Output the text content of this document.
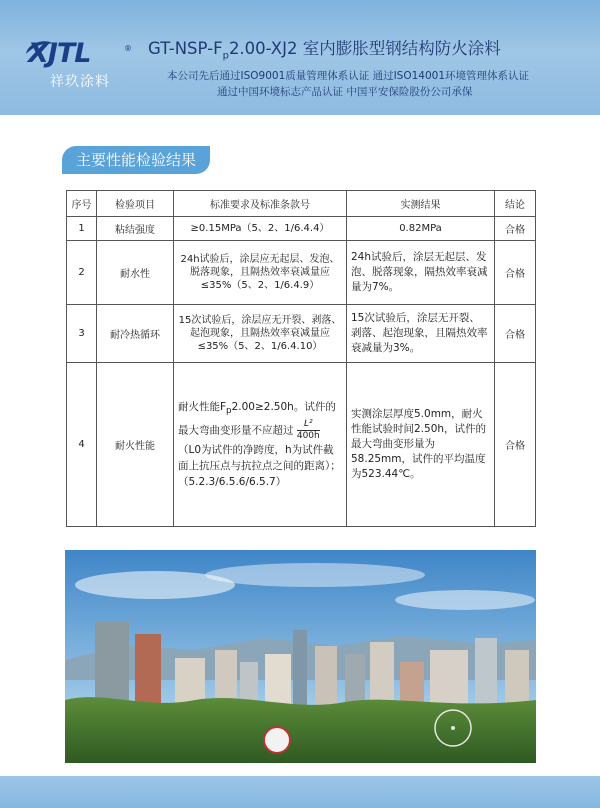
XJTL	®
祥玖涂料
$GT-NSP-F_p2.00-XJ2$ 室内膨胀型钢结构防火涂料
本公司先后通过ISO9001质量管理体系认证 通过ISO14001环境管理体系认证
通过中国环境标志产品认证 中国平安保险股份公司承保
主要性能检验结果
序号	检验项目	标准要求及标准条款号	实测结果	结论
1	粘结强度	≥0.15MPa（5、2、1/6.4.4）	0.82MPa	合格
2	耐水性	24h试验后，涂层应无起层、发泡、脱落现象，且隔热效率衰减量应≤35%（5、2、1/6.4.9）	24h试验后，涂层无起层、发泡、脱落现象，隔热效率衰减量为7%。	合格
3	耐冷热循环	15次试验后，涂层应无开裂、剥落、起泡现象，且隔热效率衰减量应≤35%（5、2、1/6.4.10）	15次试验后，涂层无开裂、剥落、起泡现象，且隔热效率衰减量为3%。	合格
4	耐火性能	耐火性能$F_p2.00\ge 2.50h$。试件的最大弯曲变形量不应超过 $\frac{\text{L²}}{400h}$
（L0为试件的净跨度，h为试件截面上抗压点与抗拉点之间的距离）；（5.2.3/6.5.6/6.5.7）	实测涂层厚度5.0mm，耐火性能试验时间2.50h，试件的最大弯曲变形量为58.25mm，试件的平均温度为523.44℃。	合格
